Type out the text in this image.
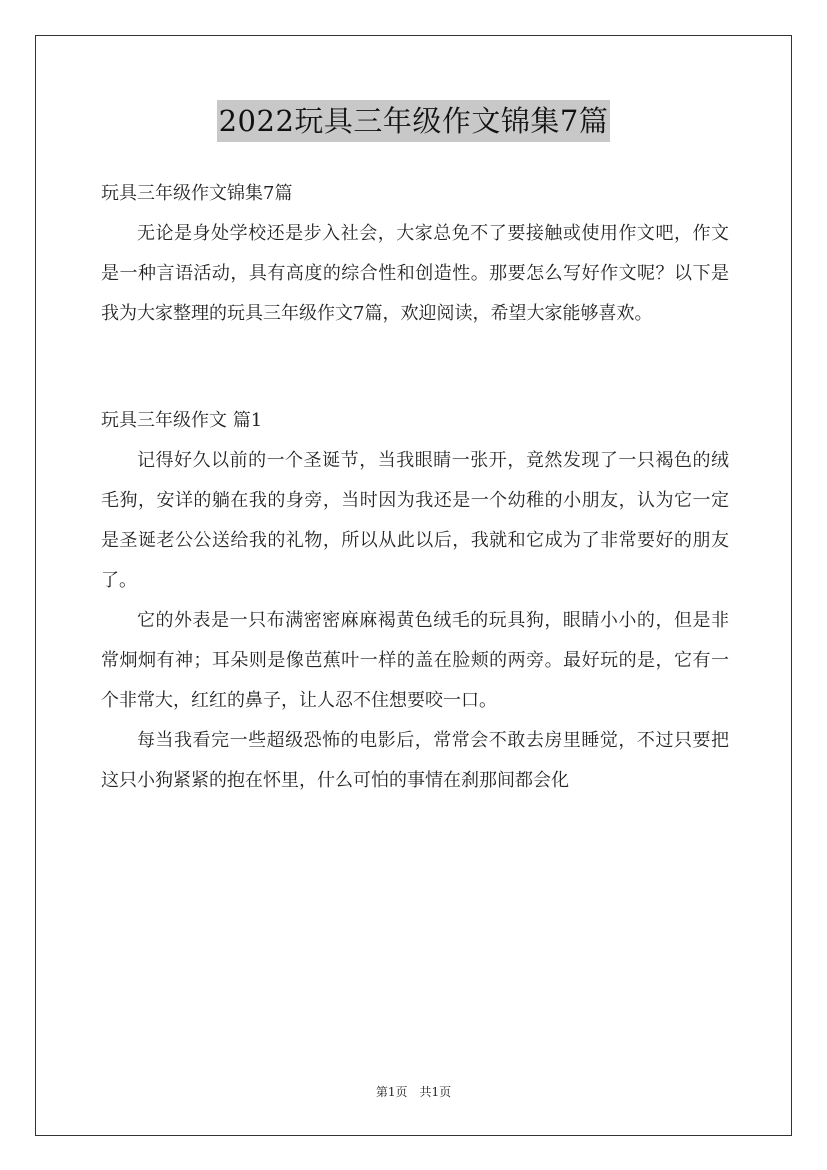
2022玩具三年级作文锦集7篇

玩具三年级作文锦集7篇

无论是身处学校还是步入社会，大家总免不了要接触或使用作文吧，作文是一种言语活动，具有高度的综合性和创造性。那要怎么写好作文呢？以下是我为大家整理的玩具三年级作文7篇，欢迎阅读，希望大家能够喜欢。

玩具三年级作文 篇1

记得好久以前的一个圣诞节，当我眼睛一张开，竟然发现了一只褐色的绒毛狗，安详的躺在我的身旁，当时因为我还是一个幼稚的小朋友，认为它一定是圣诞老公公送给我的礼物，所以从此以后，我就和它成为了非常要好的朋友了。

它的外表是一只布满密密麻麻褐黄色绒毛的玩具狗，眼睛小小的，但是非常炯炯有神；耳朵则是像芭蕉叶一样的盖在脸颊的两旁。最好玩的是，它有一个非常大，红红的鼻子，让人忍不住想要咬一口。

每当我看完一些超级恐怖的电影后，常常会不敢去房里睡觉，不过只要把这只小狗紧紧的抱在怀里，什么可怕的事情在刹那间都会化

第1页　共1页
